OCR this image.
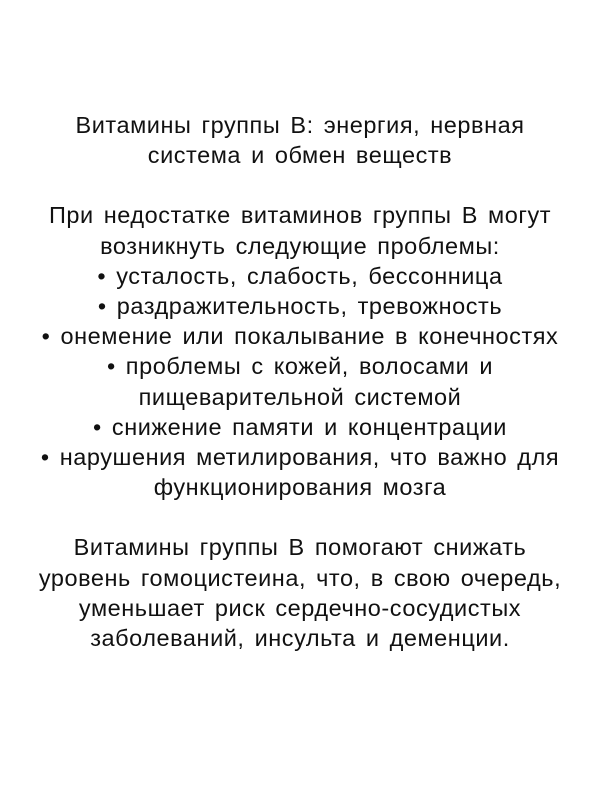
Витамины группы В: энергия, нервная
система и обмен веществ
При недостатке витаминов группы В могут
возникнуть следующие проблемы:
• усталость, слабость, бессонница
• раздражительность, тревожность
• онемение или покалывание в конечностях
• проблемы с кожей, волосами и
пищеварительной системой
• снижение памяти и концентрации
• нарушения метилирования, что важно для
функционирования мозга
Витамины группы В помогают снижать
уровень гомоцистеина, что, в свою очередь,
уменьшает риск сердечно-сосудистых
заболеваний, инсульта и деменции.
